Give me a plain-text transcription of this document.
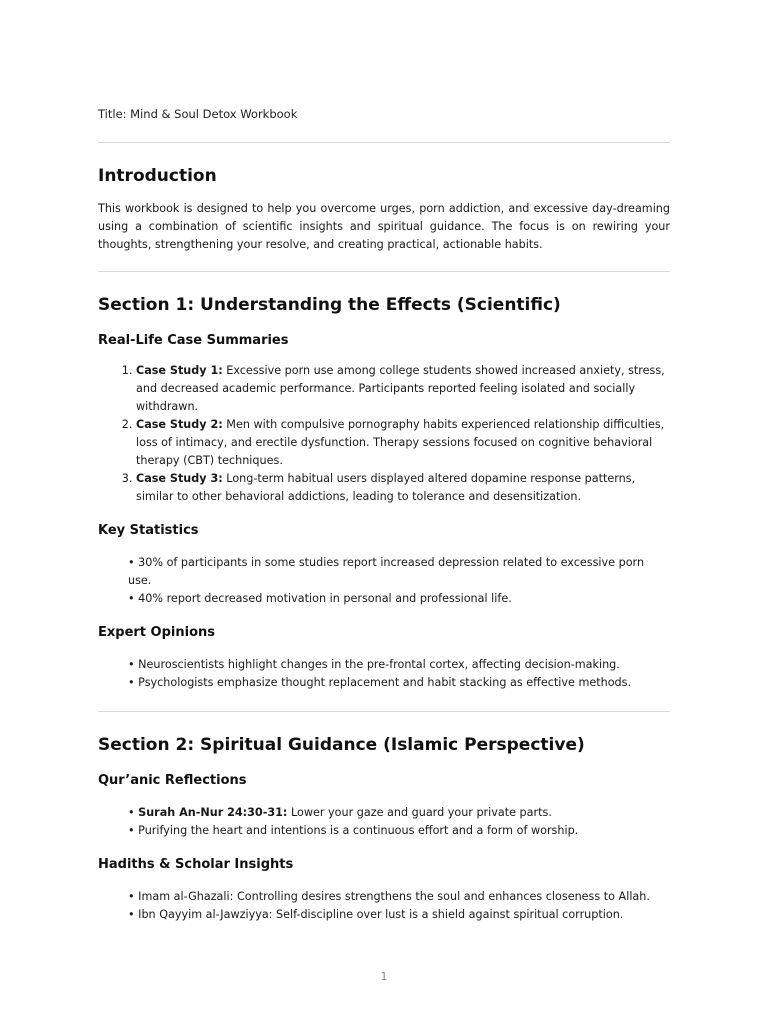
Title: Mind & Soul Detox Workbook
Introduction

This workbook is designed to help you overcome urges, porn addiction, and excessive day-dreaming using a combination of scientific insights and spiritual guidance. The focus is on rewiring your thoughts, strengthening your resolve, and creating practical, actionable habits.

Section 1: Understanding the Effects (Scientific)
Real-Life Case Summaries
1. Case Study 1: Excessive porn use among college students showed increased anxiety, stress, and decreased academic performance. Participants reported feeling isolated and socially withdrawn.
2. Case Study 2: Men with compulsive pornography habits experienced relationship difficulties, loss of intimacy, and erectile dysfunction. Therapy sessions focused on cognitive behavioral therapy (CBT) techniques.
3. Case Study 3: Long-term habitual users displayed altered dopamine response patterns, similar to other behavioral addictions, leading to tolerance and desensitization.
Key Statistics
• 30% of participants in some studies report increased depression related to excessive porn use.
• 40% report decreased motivation in personal and professional life.
Expert Opinions
• Neuroscientists highlight changes in the pre-frontal cortex, affecting decision-making.
• Psychologists emphasize thought replacement and habit stacking as effective methods.
Section 2: Spiritual Guidance (Islamic Perspective)
Qur’anic Reflections
• Surah An-Nur 24:30-31: Lower your gaze and guard your private parts.
• Purifying the heart and intentions is a continuous effort and a form of worship.
Hadiths & Scholar Insights
• Imam al-Ghazali: Controlling desires strengthens the soul and enhances closeness to Allah.
• Ibn Qayyim al-Jawziyya: Self-discipline over lust is a shield against spiritual corruption.
1
